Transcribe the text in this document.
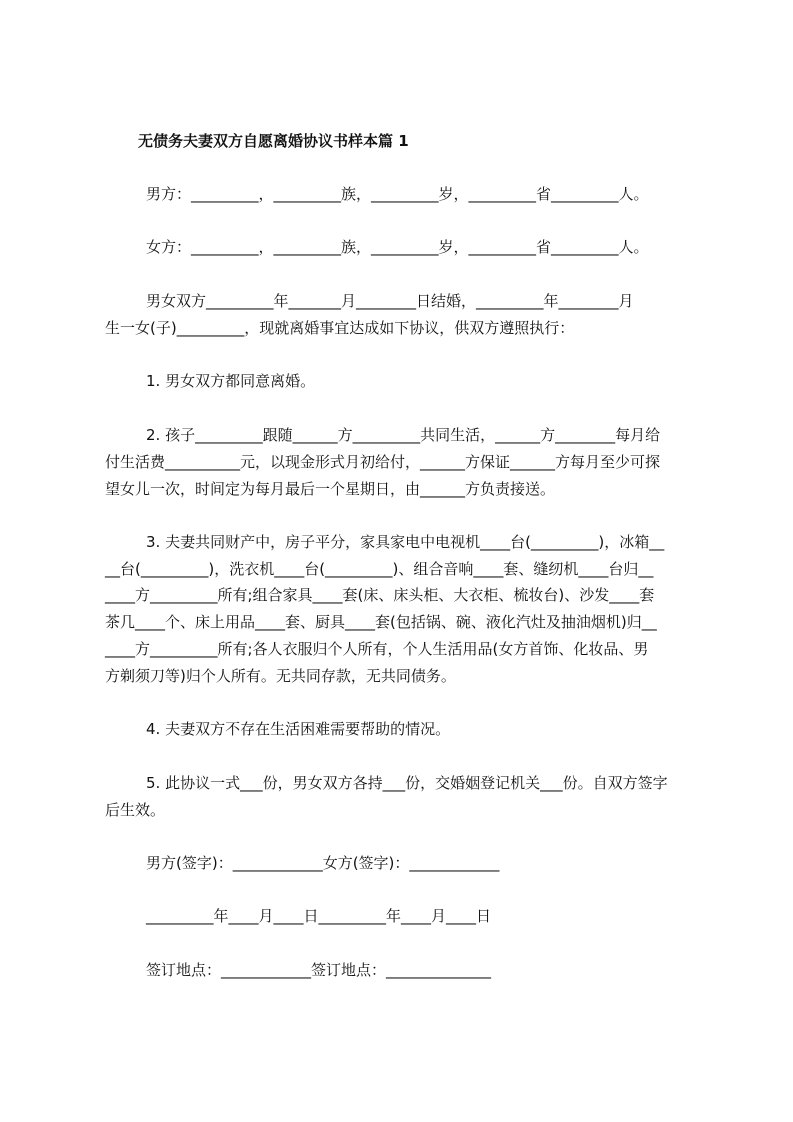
无债务夫妻双方自愿离婚协议书样本篇 1
男方：_________，_________族，_________岁，_________省_________人。
女方：_________，_________族，_________岁，_________省_________人。
男女双方_________年_______月________日结婚，_________年________月
生一女(子)_________，现就离婚事宜达成如下协议，供双方遵照执行：
1. 男女双方都同意离婚。
2. 孩子_________跟随______方_________共同生活，______方________每月给
付生活费__________元，以现金形式月初给付，______方保证______方每月至少可探
望女儿一次，时间定为每月最后一个星期日，由______方负责接送。
3. 夫妻共同财产中，房子平分，家具家电中电视机____台(_________)，冰箱__
__台(_________)，洗衣机____台(_________)、组合音响____套、缝纫机____台归__
____方_________所有;组合家具____套(床、床头柜、大衣柜、梳妆台)、沙发____套
茶几____个、床上用品____套、厨具____套(包括锅、碗、液化汽灶及抽油烟机)归__
____方_________所有;各人衣服归个人所有，个人生活用品(女方首饰、化妆品、男
方剃须刀等)归个人所有。无共同存款，无共同债务。
4. 夫妻双方不存在生活困难需要帮助的情况。
5. 此协议一式___份，男女双方各持___份，交婚姻登记机关___份。自双方签字
后生效。
男方(签字)：____________女方(签字)：____________
_________年____月____日_________年____月____日
签订地点：____________签订地点：______________
